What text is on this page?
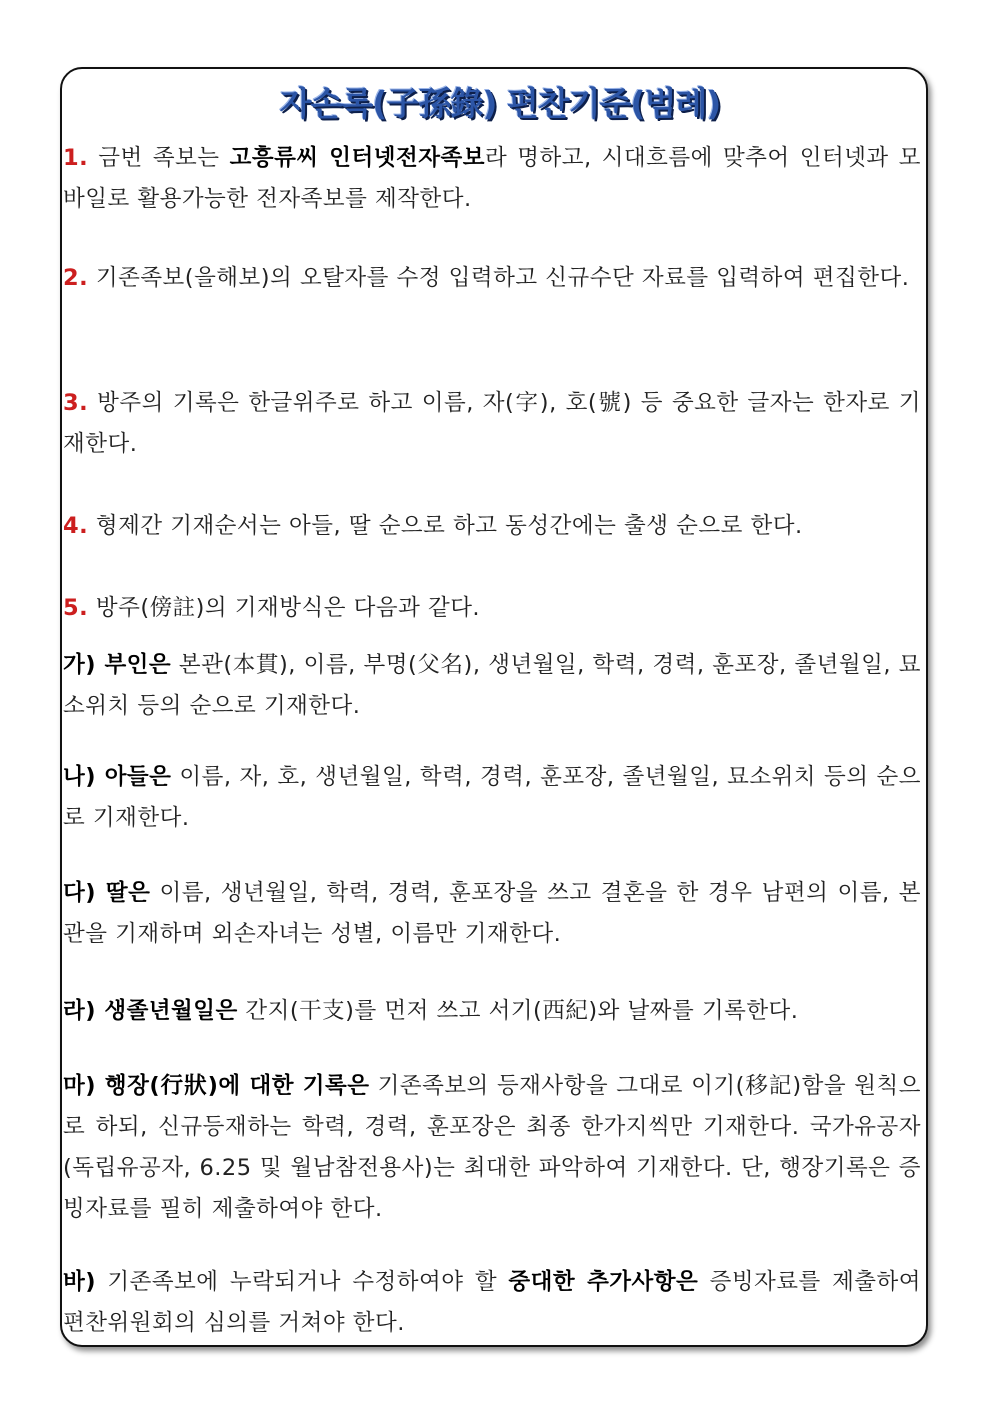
자손록(子孫錄) 편찬기준(범례)
1. 금번 족보는 고흥류씨 인터넷전자족보라 명하고, 시대흐름에 맞추어 인터넷과 모바일로 활용가능한 전자족보를 제작한다.
2. 기존족보(을해보)의 오탈자를 수정 입력하고 신규수단 자료를 입력하여 편집한다.
3. 방주의 기록은 한글위주로 하고 이름, 자(字), 호(號) 등 중요한 글자는 한자로 기재한다.
4. 형제간 기재순서는 아들, 딸 순으로 하고 동성간에는 출생 순으로 한다.
5. 방주(傍註)의 기재방식은 다음과 같다.
가) 부인은 본관(本貫), 이름, 부명(父名), 생년월일, 학력, 경력, 훈포장, 졸년월일, 묘소위치 등의 순으로 기재한다.
나) 아들은 이름, 자, 호, 생년월일, 학력, 경력, 훈포장, 졸년월일, 묘소위치 등의 순으로 기재한다.
다) 딸은 이름, 생년월일, 학력, 경력, 훈포장을 쓰고 결혼을 한 경우 남편의 이름, 본관을 기재하며 외손자녀는 성별, 이름만 기재한다.
라) 생졸년월일은 간지(干支)를 먼저 쓰고 서기(西紀)와 날짜를 기록한다.
마) 행장(行狀)에 대한 기록은 기존족보의 등재사항을 그대로 이기(移記)함을 원칙으로 하되, 신규등재하는 학력, 경력, 훈포장은 최종 한가지씩만 기재한다. 국가유공자(독립유공자, 6.25 및 월남참전용사)는 최대한 파악하여 기재한다. 단, 행장기록은 증빙자료를 필히 제출하여야 한다.
바) 기존족보에 누락되거나 수정하여야 할 중대한 추가사항은 증빙자료를 제출하여 편찬위원회의 심의를 거쳐야 한다.
